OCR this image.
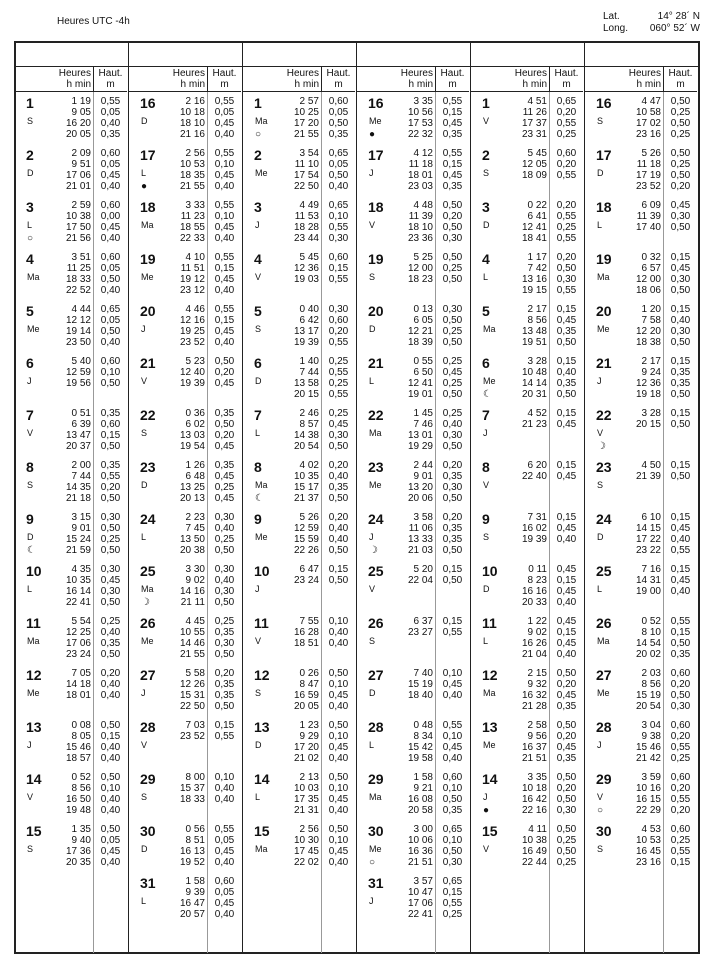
Heures UTC -4h	Lat.
Long.
14° 28´ N
060° 52´ W
Heures
h min
Haut.
m
1
S
1 19
9 05
16 20
20 05
0,55
0,05
0,40
0,35
2
D
2 09
9 51
17 06
21 01
0,60
0,05
0,45
0,40
3
L
○
2 59
10 38
17 50
21 56
0,60
0,00
0,45
0,40
4
Ma
3 51
11 25
18 33
22 52
0,60
0,05
0,50
0,40
5
Me
4 44
12 12
19 14
23 50
0,65
0,05
0,50
0,40
6
J
5 40
12 59
19 56
0,60
0,10
0,50
7
V
0 51
6 39
13 47
20 37
0,35
0,60
0,15
0,50
8
S
2 00
7 44
14 35
21 18
0,35
0,55
0,20
0,50
9
D
☾
3 15
9 01
15 24
21 59
0,30
0,50
0,25
0,50
10
L
4 35
10 35
16 14
22 41
0,30
0,45
0,30
0,50
11
Ma
5 54
12 25
17 06
23 24
0,25
0,40
0,35
0,50
12
Me
7 05
14 18
18 01
0,20
0,40
0,40
13
J
0 08
8 05
15 46
18 57
0,50
0,15
0,40
0,40
14
V
0 52
8 56
16 50
19 48
0,50
0,10
0,40
0,40
15
S
1 35
9 40
17 36
20 35
0,50
0,05
0,45
0,40
Heures
h min
Haut.
m
16
D
2 16
10 18
18 10
21 16
0,55
0,05
0,45
0,40
17
L
●
2 56
10 53
18 35
21 55
0,55
0,10
0,45
0,40
18
Ma
3 33
11 23
18 55
22 33
0,55
0,10
0,45
0,40
19
Me
4 10
11 51
19 12
23 12
0,55
0,15
0,45
0,40
20
J
4 46
12 16
19 25
23 52
0,55
0,15
0,45
0,40
21
V
5 23
12 40
19 39
0,50
0,20
0,45
22
S
0 36
6 02
13 03
19 54
0,35
0,50
0,20
0,45
23
D
1 26
6 48
13 25
20 13
0,35
0,45
0,25
0,45
24
L
2 23
7 45
13 50
20 38
0,30
0,40
0,25
0,50
25
Ma
☽
3 30
9 02
14 16
21 11
0,30
0,40
0,30
0,50
26
Me
4 45
10 55
14 46
21 55
0,25
0,35
0,30
0,50
27
J
5 58
12 26
15 31
22 50
0,20
0,35
0,35
0,50
28
V
7 03
23 52
0,15
0,55
29
S
8 00
15 37
18 33
0,10
0,40
0,40
30
D
0 56
8 51
16 13
19 52
0,55
0,05
0,45
0,40
31
L
1 58
9 39
16 47
20 57
0,60
0,05
0,45
0,40
Heures
h min
Haut.
m
1
Ma
○
2 57
10 25
17 20
21 55
0,60
0,05
0,50
0,35
2
Me
3 54
11 10
17 54
22 50
0,65
0,05
0,50
0,40
3
J
4 49
11 53
18 28
23 44
0,65
0,10
0,55
0,30
4
V
5 45
12 36
19 03
0,60
0,15
0,55
5
S
0 40
6 42
13 17
19 39
0,30
0,60
0,20
0,55
6
D
1 40
7 44
13 58
20 15
0,25
0,55
0,25
0,55
7
L
2 46
8 57
14 38
20 54
0,25
0,45
0,30
0,50
8
Ma
☾
4 02
10 35
15 17
21 37
0,20
0,40
0,35
0,50
9
Me
5 26
12 59
15 59
22 26
0,20
0,40
0,40
0,50
10
J
6 47
23 24
0,15
0,50
11
V
7 55
16 28
18 51
0,10
0,40
0,40
12
S
0 26
8 47
16 59
20 05
0,50
0,10
0,45
0,40
13
D
1 23
9 29
17 20
21 02
0,50
0,10
0,45
0,40
14
L
2 13
10 03
17 35
21 31
0,50
0,10
0,45
0,40
15
Ma
2 56
10 30
17 45
22 02
0,50
0,10
0,45
0,40
Heures
h min
Haut.
m
16
Me
●
3 35
10 56
17 53
22 32
0,55
0,15
0,45
0,35
17
J
4 12
11 18
18 01
23 03
0,55
0,15
0,45
0,35
18
V
4 48
11 39
18 10
23 36
0,50
0,20
0,50
0,30
19
S
5 25
12 00
18 23
0,50
0,25
0,50
20
D
0 13
6 05
12 21
18 39
0,30
0,50
0,25
0,50
21
L
0 55
6 50
12 41
19 01
0,25
0,45
0,25
0,50
22
Ma
1 45
7 46
13 01
19 29
0,25
0,40
0,30
0,50
23
Me
2 44
9 01
13 20
20 06
0,20
0,35
0,30
0,50
24
J
☽
3 58
11 06
13 33
21 03
0,20
0,35
0,35
0,50
25
V
5 20
22 04
0,15
0,50
26
S
6 37
23 27
0,15
0,55
27
D
7 40
15 19
18 40
0,10
0,45
0,40
28
L
0 48
8 34
15 42
19 58
0,55
0,10
0,45
0,40
29
Ma
1 58
9 21
16 08
20 58
0,60
0,10
0,50
0,35
30
Me
○
3 00
10 06
16 36
21 51
0,65
0,10
0,50
0,30
31
J
3 57
10 47
17 06
22 41
0,65
0,15
0,55
0,25
Heures
h min
Haut.
m
1
V
4 51
11 26
17 37
23 31
0,65
0,20
0,55
0,25
2
S
5 45
12 05
18 09
0,60
0,20
0,55
3
D
0 22
6 41
12 41
18 41
0,20
0,55
0,25
0,55
4
L
1 17
7 42
13 16
19 15
0,20
0,50
0,30
0,55
5
Ma
2 17
8 56
13 48
19 51
0,15
0,45
0,35
0,50
6
Me
☾
3 28
10 48
14 14
20 31
0,15
0,40
0,35
0,50
7
J
4 52
21 23
0,15
0,45
8
V
6 20
22 40
0,15
0,45
9
S
7 31
16 02
19 39
0,15
0,45
0,40
10
D
0 11
8 23
16 16
20 33
0,45
0,15
0,45
0,40
11
L
1 22
9 02
16 26
21 04
0,45
0,15
0,45
0,40
12
Ma
2 15
9 32
16 32
21 28
0,50
0,20
0,45
0,35
13
Me
2 58
9 56
16 37
21 51
0,50
0,20
0,45
0,35
14
J
●
3 35
10 18
16 42
22 16
0,50
0,20
0,50
0,30
15
V
4 11
10 38
16 49
22 44
0,50
0,25
0,50
0,25
Heures
h min
Haut.
m
16
S
4 47
10 58
17 02
23 16
0,50
0,25
0,50
0,25
17
D
5 26
11 18
17 19
23 52
0,50
0,25
0,50
0,20
18
L
6 09
11 39
17 40
0,45
0,30
0,50
19
Ma
0 32
6 57
12 00
18 06
0,15
0,45
0,30
0,50
20
Me
1 20
7 58
12 20
18 38
0,15
0,40
0,30
0,50
21
J
2 17
9 24
12 36
19 18
0,15
0,35
0,35
0,50
22
V
☽
3 28
20 15
0,15
0,50
23
S
4 50
21 39
0,15
0,50
24
D
6 10
14 15
17 22
23 22
0,15
0,45
0,40
0,55
25
L
7 16
14 31
19 00
0,15
0,45
0,40
26
Ma
0 52
8 10
14 54
20 02
0,55
0,15
0,50
0,35
27
Me
2 03
8 56
15 19
20 54
0,60
0,20
0,50
0,30
28
J
3 04
9 38
15 46
21 42
0,60
0,20
0,55
0,25
29
V
○
3 59
10 16
16 15
22 29
0,60
0,20
0,55
0,20
30
S
4 53
10 53
16 45
23 16
0,60
0,25
0,55
0,15
